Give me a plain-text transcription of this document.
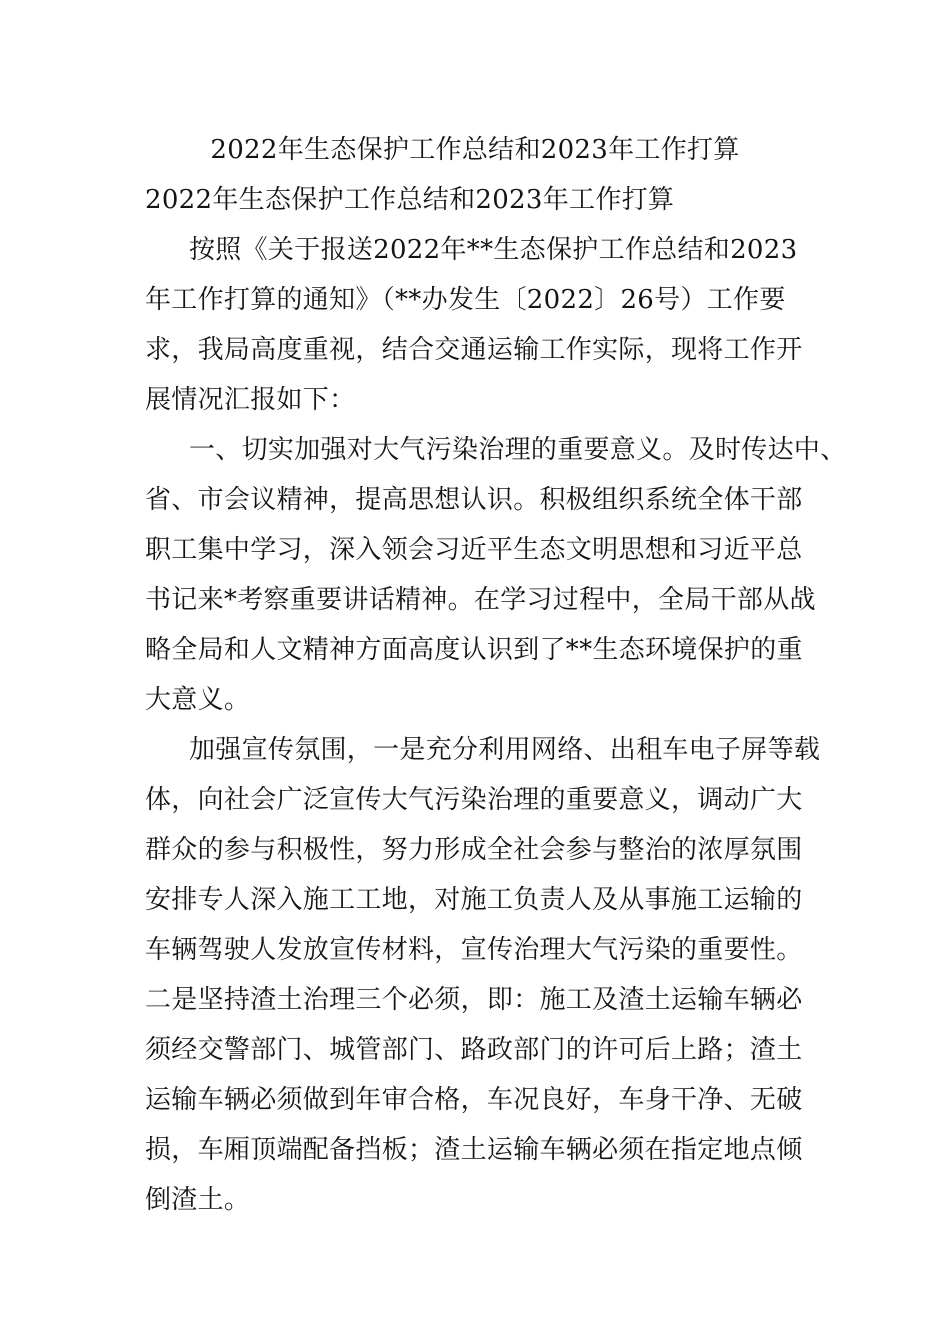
2022年生态保护工作总结和2023年工作打算
2022年生态保护工作总结和2023年工作打算
按照《关于报送2022年**生态保护工作总结和2023
年工作打算的通知》（**办发生〔2022〕26号）工作要
求，我局高度重视，结合交通运输工作实际，现将工作开
展情况汇报如下：
一、切实加强对大气污染治理的重要意义。及时传达中、
省、市会议精神，提高思想认识。积极组织系统全体干部
职工集中学习，深入领会习近平生态文明思想和习近平总
书记来*考察重要讲话精神。在学习过程中，全局干部从战
略全局和人文精神方面高度认识到了**生态环境保护的重
大意义。
加强宣传氛围，一是充分利用网络、出租车电子屏等载
体，向社会广泛宣传大气污染治理的重要意义，调动广大
群众的参与积极性，努力形成全社会参与整治的浓厚氛围
安排专人深入施工工地，对施工负责人及从事施工运输的
车辆驾驶人发放宣传材料，宣传治理大气污染的重要性。
二是坚持渣土治理三个必须，即：施工及渣土运输车辆必
须经交警部门、城管部门、路政部门的许可后上路；渣土
运输车辆必须做到年审合格，车况良好，车身干净、无破
损，车厢顶端配备挡板；渣土运输车辆必须在指定地点倾
倒渣土。
